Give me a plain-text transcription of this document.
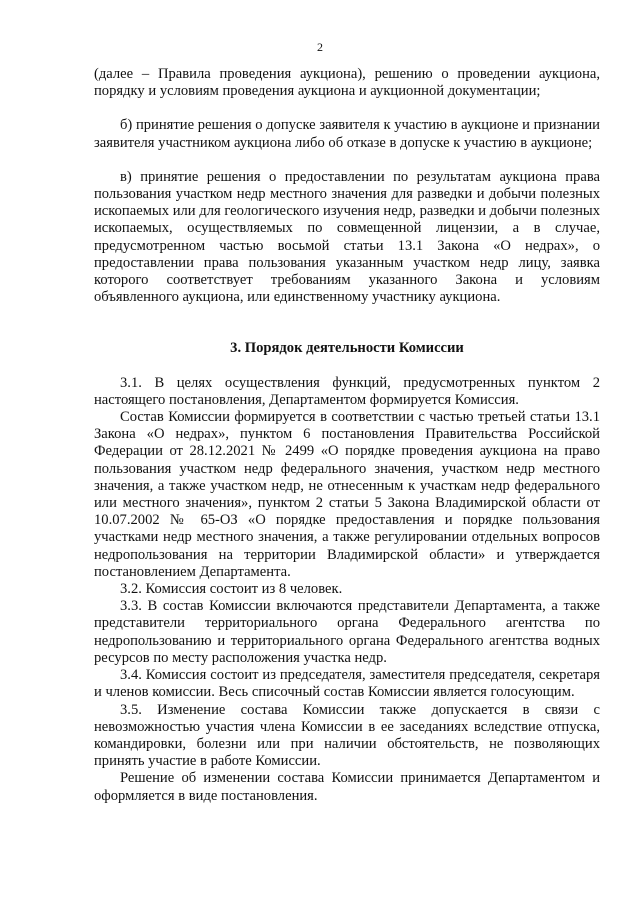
2

(далее – Правила проведения аукциона), решению о проведении аукциона, порядку и условиям проведения аукциона и аукционной документации;

б) принятие решения о допуске заявителя к участию в аукционе и признании заявителя участником аукциона либо об отказе в допуске к участию в аукционе;

в) принятие решения о предоставлении по результатам аукциона права пользования участком недр местного значения для разведки и добычи полезных ископаемых или для геологического изучения недр, разведки и добычи полезных ископаемых, осуществляемых по совмещенной лицензии, а в случае, предусмотренном частью восьмой статьи 13.1 Закона «О недрах», о предоставлении права пользования указанным участком недр лицу, заявка которого соответствует требованиям указанного Закона и условиям объявленного аукциона, или единственному участнику аукциона.

3. Порядок деятельности Комиссии

3.1. В целях осуществления функций, предусмотренных пунктом 2 настоящего постановления, Департаментом формируется Комиссия.

Состав Комиссии формируется в соответствии с частью третьей статьи 13.1 Закона «О недрах», пунктом 6 постановления Правительства Российской Федерации от 28.12.2021 № 2499 «О порядке проведения аукциона на право пользования участком недр федерального значения, участком недр местного значения, а также участком недр, не отнесенным к участкам недр федерального или местного значения», пунктом 2 статьи 5 Закона Владимирской области от 10.07.2002 № 65-ОЗ «О порядке предоставления и порядке пользования участками недр местного значения, а также регулировании отдельных вопросов недропользования на территории Владимирской области» и утверждается постановлением Департамента.

3.2. Комиссия состоит из 8 человек.

3.3. В состав Комиссии включаются представители Департамента, а также представители территориального органа Федерального агентства по недропользованию и территориального органа Федерального агентства водных ресурсов по месту расположения участка недр.

3.4. Комиссия состоит из председателя, заместителя председателя, секретаря и членов комиссии. Весь списочный состав Комиссии является голосующим.

3.5. Изменение состава Комиссии также допускается в связи с невозможностью участия члена Комиссии в ее заседаниях вследствие отпуска, командировки, болезни или при наличии обстоятельств, не позволяющих принять участие в работе Комиссии.

Решение об изменении состава Комиссии принимается Департаментом и оформляется в виде постановления.
